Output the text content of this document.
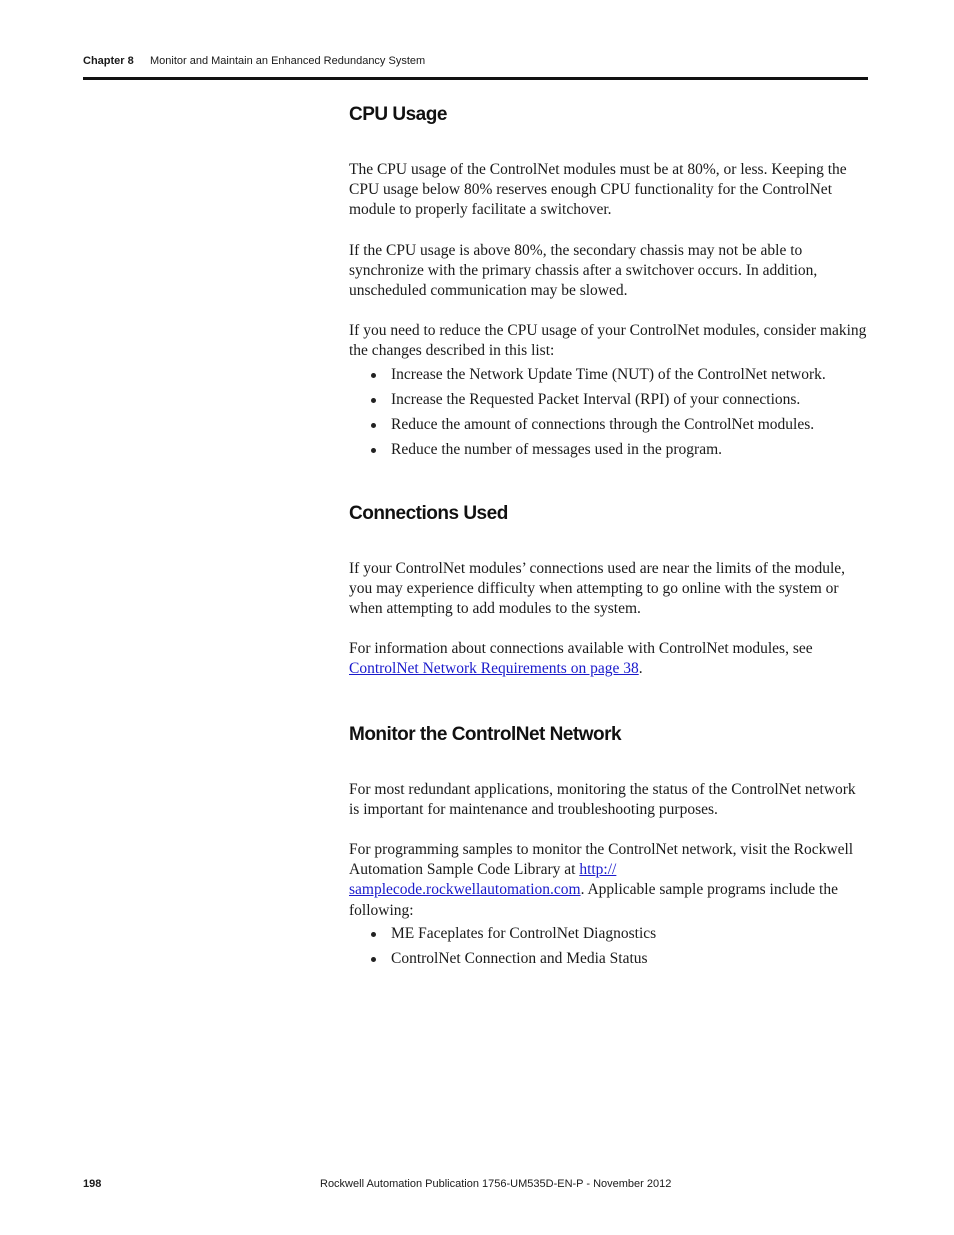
Chapter 8 Monitor and Maintain an Enhanced Redundancy System
CPU Usage

The CPU usage of the ControlNet modules must be at 80%, or less. Keeping the CPU usage below 80% reserves enough CPU functionality for the ControlNet module to properly facilitate a switchover.

If the CPU usage is above 80%, the secondary chassis may not be able to synchronize with the primary chassis after a switchover occurs. In addition, unscheduled communication may be slowed.

If you need to reduce the CPU usage of your ControlNet modules, consider making the changes described in this list:

Increase the Network Update Time (NUT) of the ControlNet network.
Increase the Requested Packet Interval (RPI) of your connections.
Reduce the amount of connections through the ControlNet modules.
Reduce the number of messages used in the program.
Connections Used

If your ControlNet modules’ connections used are near the limits of the module, you may experience difficulty when attempting to go online with the system or when attempting to add modules to the system.

For information about connections available with ControlNet modules, see ControlNet Network Requirements on page 38.

Monitor the ControlNet Network

For most redundant applications, monitoring the status of the ControlNet network is important for maintenance and troubleshooting purposes.

For programming samples to monitor the ControlNet network, visit the Rockwell Automation Sample Code Library at http://
samplecode.rockwellautomation.com. Applicable sample programs include the following:

ME Faceplates for ControlNet Diagnostics
ControlNet Connection and Media Status
198	Rockwell Automation Publication 1756-UM535D-EN-P - November 2012
